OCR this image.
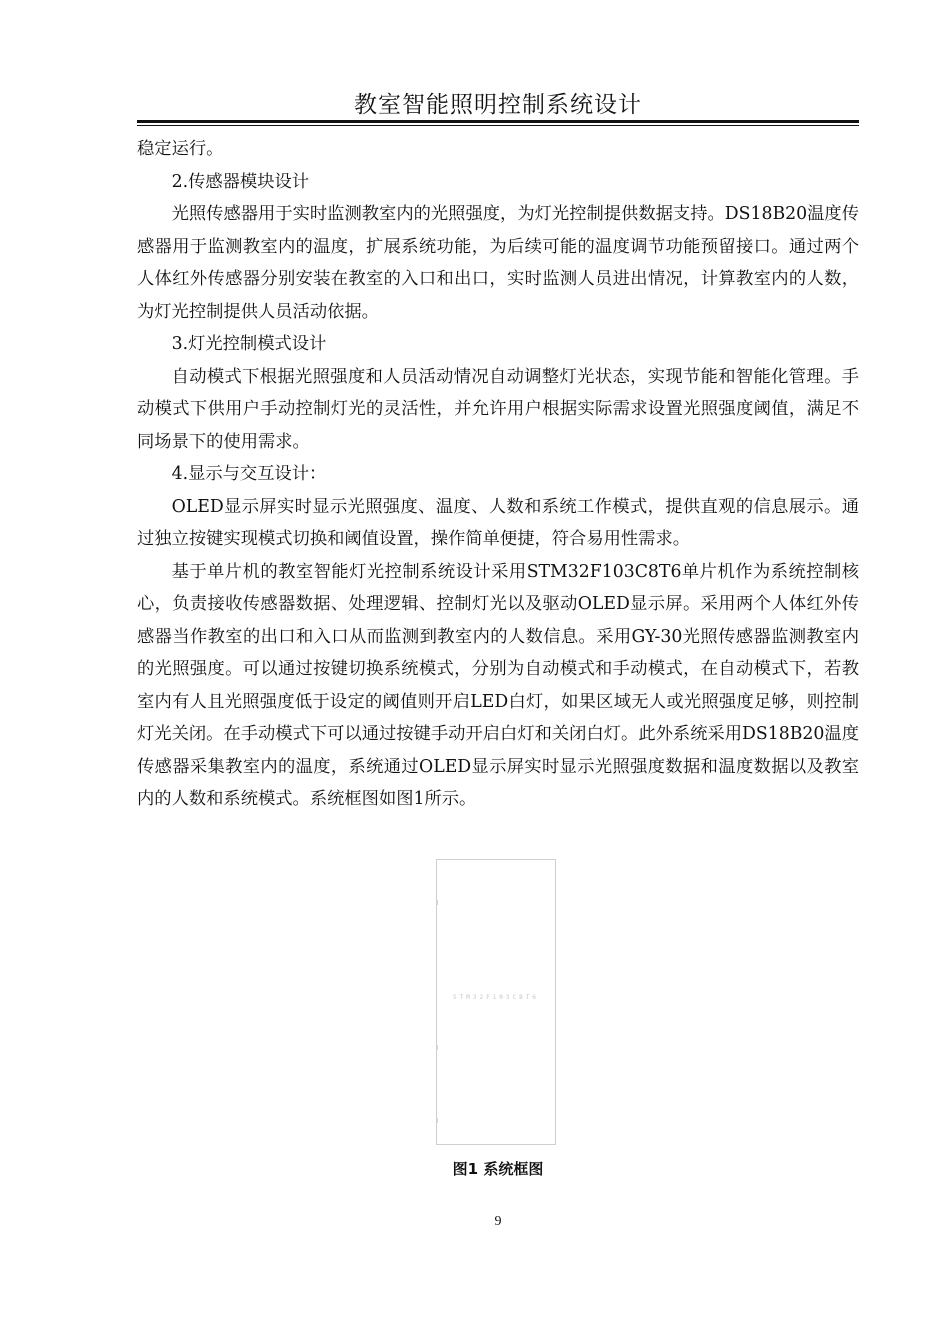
教室智能照明控制系统设计

稳定运行。

2.传感器模块设计

光照传感器用于实时监测教室内的光照强度，为灯光控制提供数据支持。DS18B20温度传感器用于监测教室内的温度，扩展系统功能，为后续可能的温度调节功能预留接口。通过两个人体红外传感器分别安装在教室的入口和出口，实时监测人员进出情况，计算教室内的人数，为灯光控制提供人员活动依据。

3.灯光控制模式设计

自动模式下根据光照强度和人员活动情况自动调整灯光状态，实现节能和智能化管理。手动模式下供用户手动控制灯光的灵活性，并允许用户根据实际需求设置光照强度阈值，满足不同场景下的使用需求。

4.显示与交互设计：

OLED显示屏实时显示光照强度、温度、人数和系统工作模式，提供直观的信息展示。通过独立按键实现模式切换和阈值设置，操作简单便捷，符合易用性需求。

基于单片机的教室智能灯光控制系统设计采用STM32F103C8T6单片机作为系统控制核心，负责接收传感器数据、处理逻辑、控制灯光以及驱动OLED显示屏。采用两个人体红外传感器当作教室的出口和入口从而监测到教室内的人数信息。采用GY-30光照传感器监测教室内的光照强度。可以通过按键切换系统模式，分别为自动模式和手动模式，在自动模式下，若教室内有人且光照强度低于设定的阈值则开启LED白灯，如果区域无人或光照强度足够，则控制灯光关闭。在手动模式下可以通过按键手动开启白灯和关闭白灯。此外系统采用DS18B20温度传感器采集教室内的温度，系统通过OLED显示屏实时显示光照强度数据和温度数据以及教室内的人数和系统模式。系统框图如图1所示。

STM32F103C8T6
图1 系统框图
9
